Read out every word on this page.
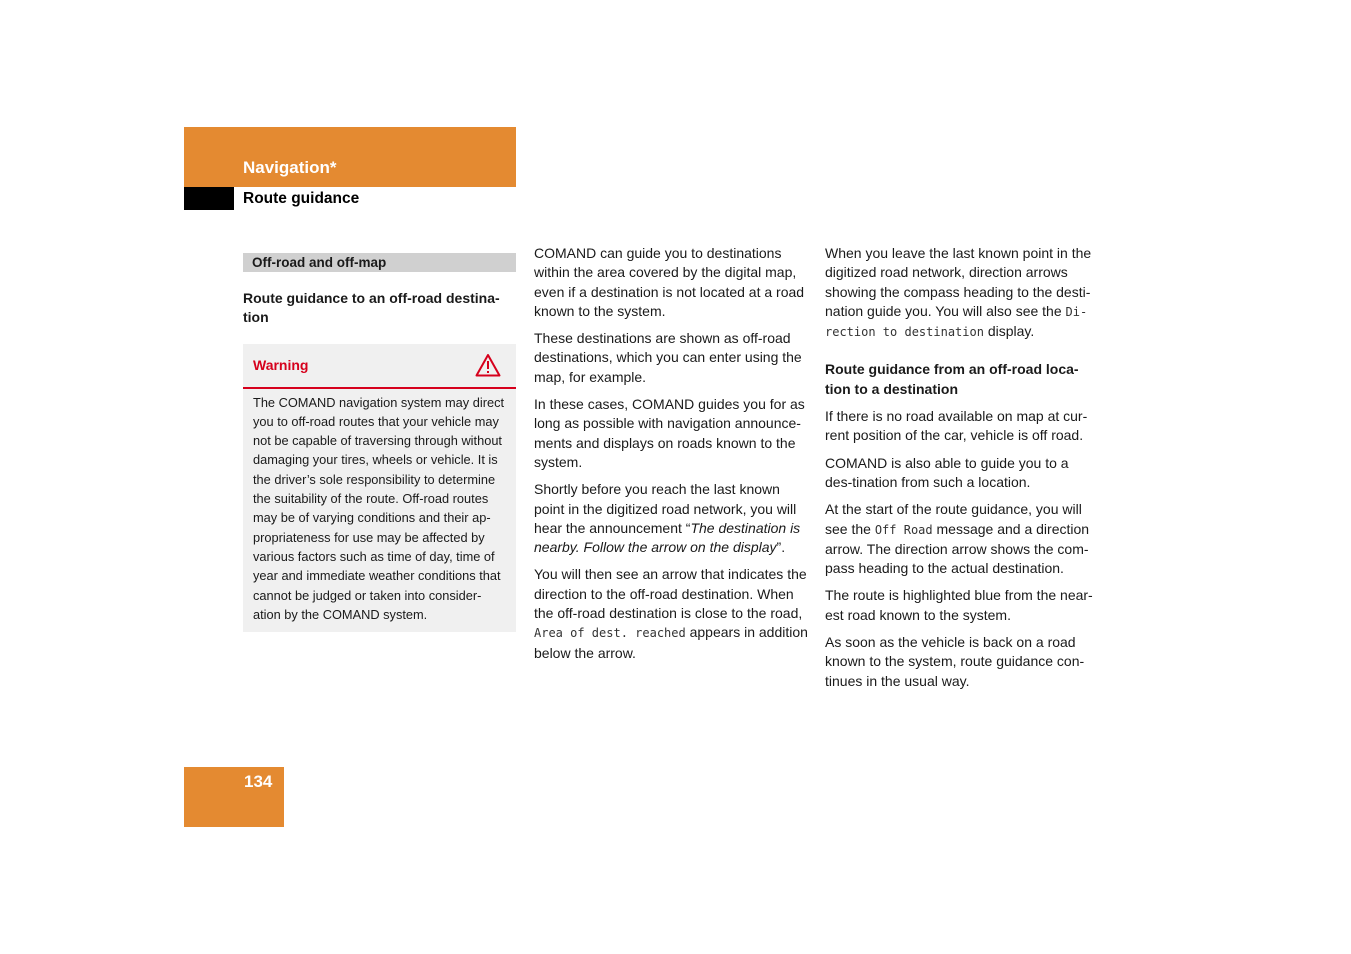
Navigation*
Route guidance
Off-road and off-map
Route guidance to an off-road destina-tion
Warning
The COMAND navigation system may direct you to off-road routes that your vehicle may not be capable of traversing through without damaging your tires, wheels or vehicle. It is the driver’s sole responsibility to determine the suitability of the route. Off-road routes may be of varying conditions and their ap-propriateness for use may be affected by various factors such as time of day, time of year and immediate weather conditions that cannot be judged or taken into consider-ation by the COMAND system.

COMAND can guide you to destinations within the area covered by the digital map, even if a destination is not located at a road known to the system.

These destinations are shown as off-road destinations, which you can enter using the map, for example.

In these cases, COMAND guides you for as long as possible with navigation announce-ments and displays on roads known to the system.

Shortly before you reach the last known point in the digitized road network, you will hear the announcement “The destination is nearby. Follow the arrow on the display”.

You will then see an arrow that indicates the direction to the off-road destination. When the off-road destination is close to the road, Area of dest. reached appears in addition below the arrow.

When you leave the last known point in the digitized road network, direction arrows showing the compass heading to the desti-nation guide you. You will also see the Di-rection to destination display.

Route guidance from an off-road loca-tion to a destination

If there is no road available on map at cur-rent position of the car, vehicle is off road.

COMAND is also able to guide you to a des-tination from such a location.

At the start of the route guidance, you will see the Off Road message and a direction arrow. The direction arrow shows the com-pass heading to the actual destination.

The route is highlighted blue from the near-est road known to the system.

As soon as the vehicle is back on a road known to the system, route guidance con-tinues in the usual way.

134
